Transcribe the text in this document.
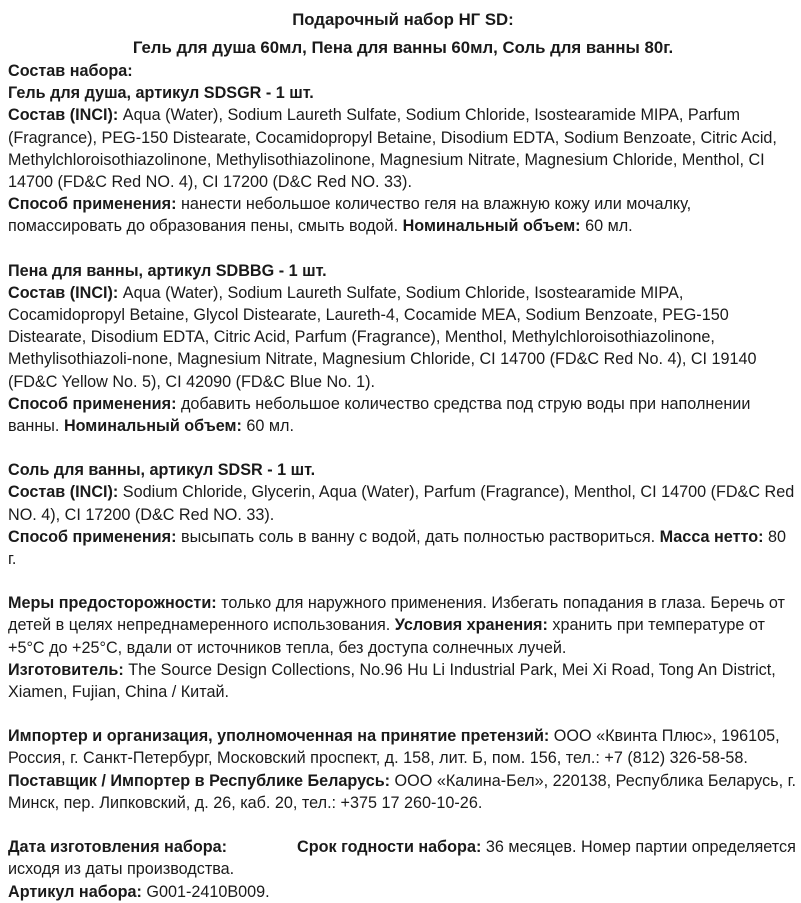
Подарочный набор НГ SD:
Гель для душа 60мл, Пена для ванны 60мл, Соль для ванны 80г.

Состав набора:

Гель для душа, артикул SDSGR - 1 шт.

Состав (INCI): Aqua (Water), Sodium Laureth Sulfate, Sodium Chloride, Isostearamide MIPA, Parfum (Fragrance), PEG-150 Distearate, Cocamidopropyl Betaine, Disodium EDTA, Sodium Benzoate, Citric Acid, Methylchloroisothiazolinone, Methylisothiazolinone, Magnesium Nitrate, Magnesium Chloride, Menthol, CI 14700 (FD&C Red NO. 4), CI 17200 (D&C Red NO. 33).

Способ применения: нанести небольшое количество геля на влажную кожу или мочалку, помассировать до образования пены, смыть водой. Номинальный объем: 60 мл.

Пена для ванны, артикул SDBBG - 1 шт.

Состав (INCI): Aqua (Water), Sodium Laureth Sulfate, Sodium Chloride, Isostearamide MIPA, Cocamidopropyl Betaine, Glycol Distearate, Laureth-4, Cocamide MEA, Sodium Benzoate, PEG-150 Distearate, Disodium EDTA, Citric Acid, Parfum (Fragrance), Menthol, Methylchloroisothiazolinone, Methylisothiazoli-none, Magnesium Nitrate, Magnesium Chloride, CI 14700 (FD&C Red No. 4), CI 19140 (FD&C Yellow No. 5), CI 42090 (FD&C Blue No. 1).

Способ применения: добавить небольшое количество средства под струю воды при наполнении ванны. Номинальный объем: 60 мл.

Соль для ванны, артикул SDSR - 1 шт.

Состав (INCI): Sodium Chloride, Glycerin, Aqua (Water), Parfum (Fragrance), Menthol, CI 14700 (FD&C Red NO. 4), CI 17200 (D&C Red NO. 33).

Способ применения: высыпать соль в ванну с водой, дать полностью раствориться. Масса нетто: 80 г.

Меры предосторожности: только для наружного применения. Избегать попадания в глаза. Беречь от детей в целях непреднамеренного использования. Условия хранения: хранить при температуре от +5°С до +25°С, вдали от источников тепла, без доступа солнечных лучей.

Изготовитель: The Source Design Collections, No.96 Hu Li Industrial Park, Mei Xi Road, Tong An District, Xiamen, Fujian, China / Китай.

Импортер и организация, уполномоченная на принятие претензий: ООО «Квинта Плюс», 196105, Россия, г. Санкт-Петербург, Московский проспект, д. 158, лит. Б, пом. 156, тел.: +7 (812) 326-58-58.

Поставщик / Импортер в Республике Беларусь: ООО «Калина-Бел», 220138, Республика Беларусь, г. Минск, пер. Липковский, д. 26, каб. 20, тел.: +375 17 260-10-26.

Дата изготовления набора:	Срок годности набора: 36 месяцев. Номер партии определяется исходя из даты производства.

Артикул набора: G001-2410B009.
